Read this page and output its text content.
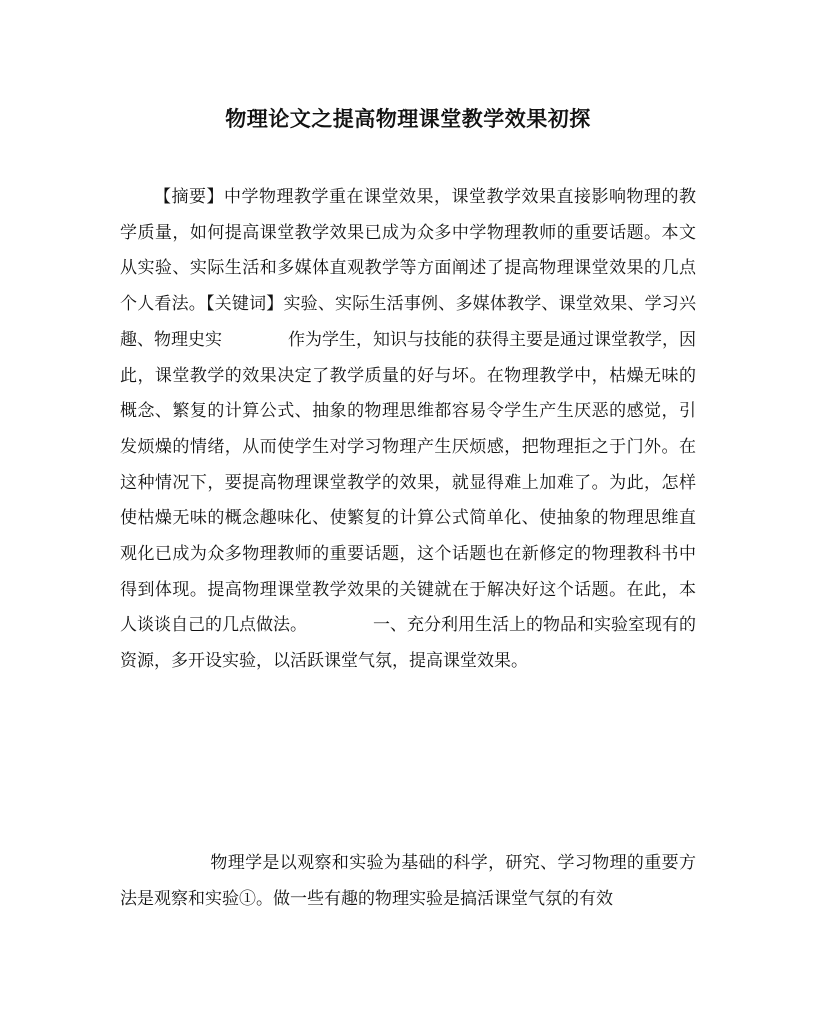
物理论文之提高物理课堂教学效果初探

【摘要】中学物理教学重在课堂效果，课堂教学效果直接影响物理的教学质量，如何提高课堂教学效果已成为众多中学物理教师的重要话题。本文从实验、实际生活和多媒体直观教学等方面阐述了提高物理课堂效果的几点个人看法。【关键词】实验、实际生活事例、多媒体教学、课堂效果、学习兴趣、物理史实	作为学生，知识与技能的获得主要是通过课堂教学，因此，课堂教学的效果决定了教学质量的好与坏。在物理教学中，枯燥无味的概念、繁复的计算公式、抽象的物理思维都容易令学生产生厌恶的感觉，引发烦燥的情绪，从而使学生对学习物理产生厌烦感，把物理拒之于门外。在这种情况下，要提高物理课堂教学的效果，就显得难上加难了。为此，怎样使枯燥无味的概念趣味化、使繁复的计算公式简单化、使抽象的物理思维直观化已成为众多物理教师的重要话题，这个话题也在新修定的物理教科书中得到体现。提高物理课堂教学效果的关键就在于解决好这个话题。在此，本人谈谈自己的几点做法。	一、充分利用生活上的物品和实验室现有的资源，多开设实验，以活跃课堂气氛，提高课堂效果。

物理学是以观察和实验为基础的科学，研究、学习物理的重要方法是观察和实验①。做一些有趣的物理实验是搞活课堂气氛的有效
